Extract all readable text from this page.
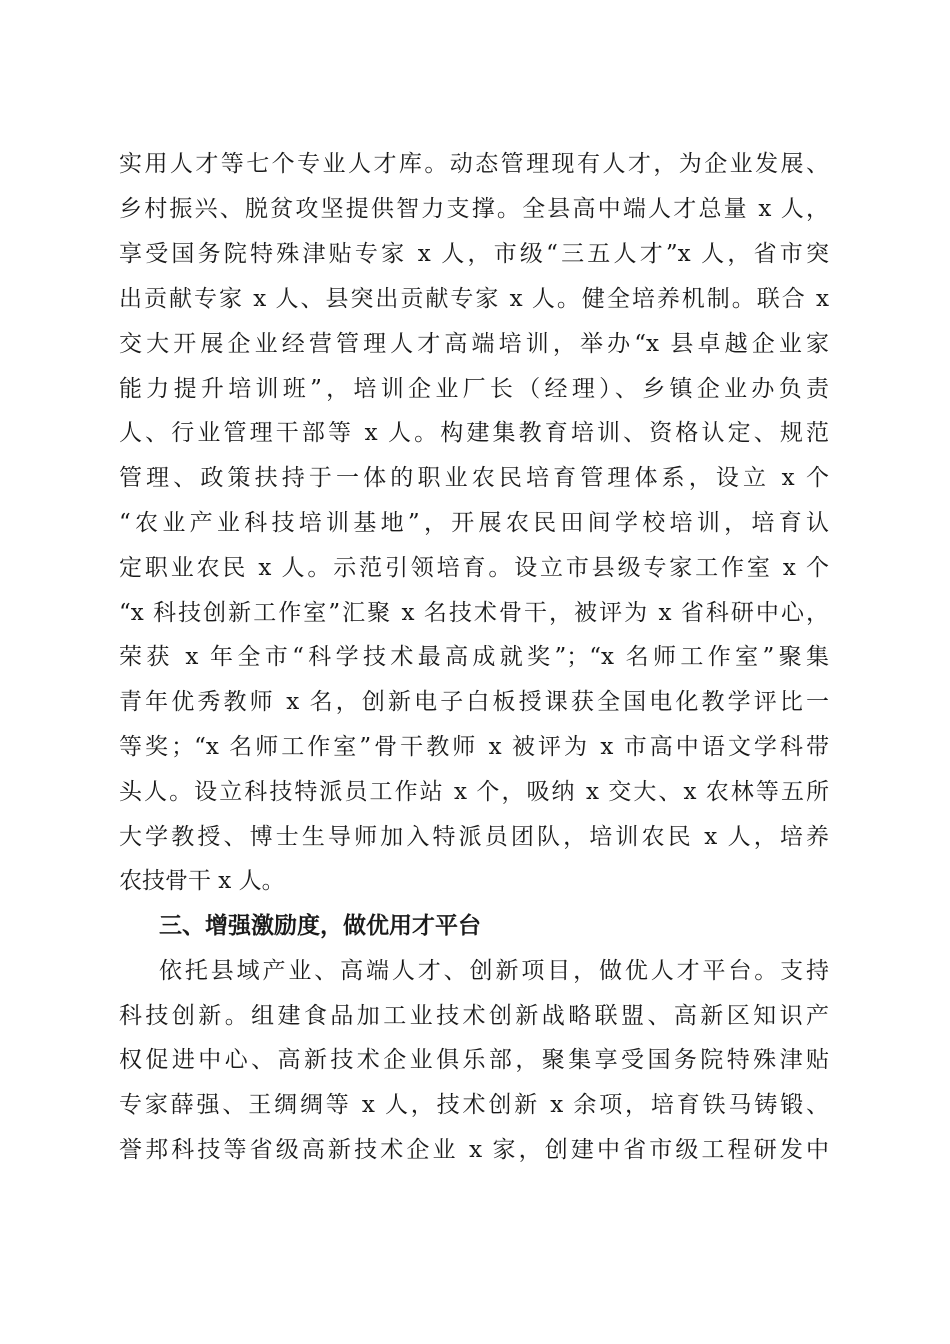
实用人才等七个专业人才库。动态管理现有人才，为企业发展、
乡村振兴、脱贫攻坚提供智力支撑。全县高中端人才总量 x 人，
享受国务院特殊津贴专家 x 人，市级“三五人才”x 人，省市突
出贡献专家 x 人、县突出贡献专家 x 人。健全培养机制。联合 x
交大开展企业经营管理人才高端培训，举办“x 县卓越企业家
能力提升培训班”，培训企业厂长（经理）、乡镇企业办负责
人、行业管理干部等 x 人。构建集教育培训、资格认定、规范
管理、政策扶持于一体的职业农民培育管理体系，设立 x 个
“农业产业科技培训基地”，开展农民田间学校培训，培育认
定职业农民 x 人。示范引领培育。设立市县级专家工作室 x 个
“x 科技创新工作室”汇聚 x 名技术骨干，被评为 x 省科研中心，
荣获 x 年全市“科学技术最高成就奖”；“x 名师工作室”聚集
青年优秀教师 x 名，创新电子白板授课获全国电化教学评比一
等奖；“x 名师工作室”骨干教师 x 被评为 x 市高中语文学科带
头人。设立科技特派员工作站 x 个，吸纳 x 交大、x 农林等五所
大学教授、博士生导师加入特派员团队，培训农民 x 人，培养
农技骨干 x 人。
三、增强激励度，做优用才平台
依托县域产业、高端人才、创新项目，做优人才平台。支持
科技创新。组建食品加工业技术创新战略联盟、高新区知识产
权促进中心、高新技术企业俱乐部，聚集享受国务院特殊津贴
专家薛强、王绸绸等 x 人，技术创新 x 余项，培育铁马铸锻、
誉邦科技等省级高新技术企业 x 家，创建中省市级工程研发中
